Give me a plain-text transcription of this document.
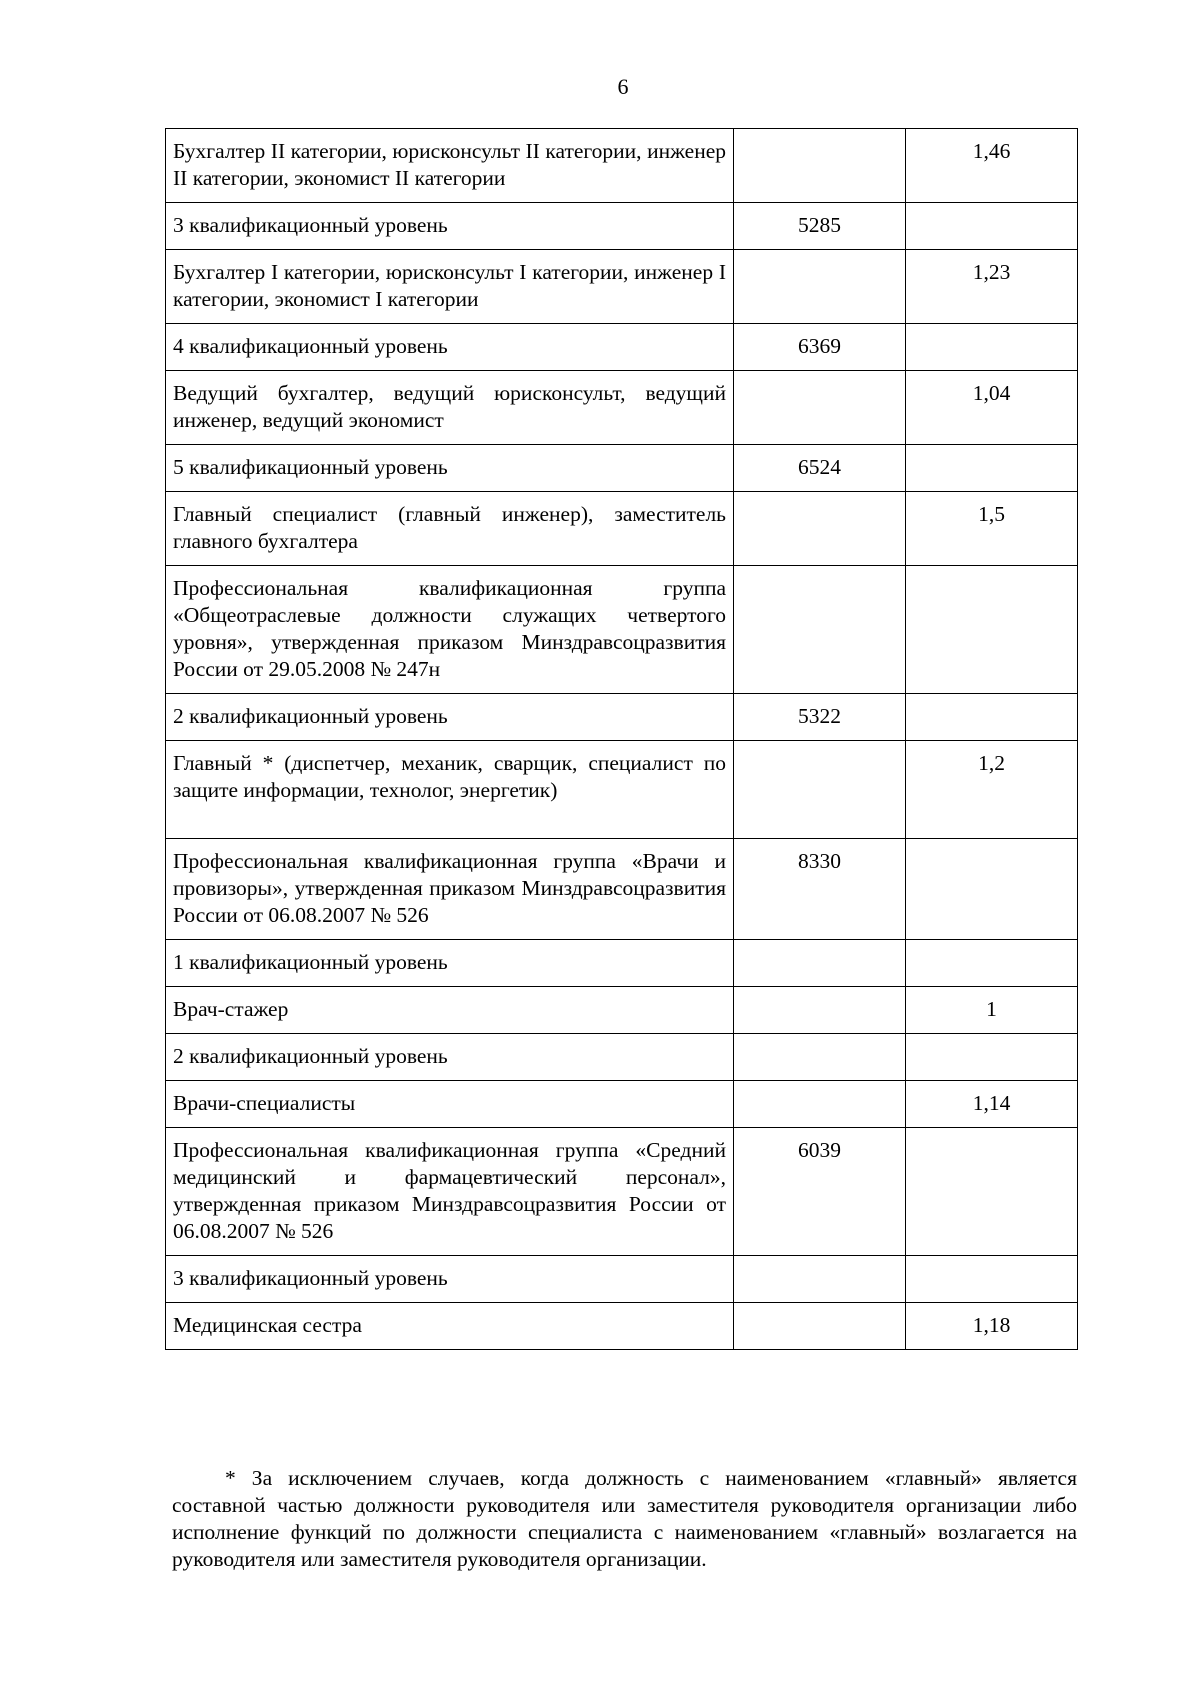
6
Бухгалтер II категории, юрисконсульт II категории, инженер II категории, экономист II категории		1,46
3 квалификационный уровень	5285	
Бухгалтер I категории, юрисконсульт I категории, инженер I категории, экономист I категории		1,23
4 квалификационный уровень	6369	
Ведущий бухгалтер, ведущий юрисконсульт, ведущий инженер, ведущий экономист		1,04
5 квалификационный уровень	6524	
Главный специалист (главный инженер), заместитель главного бухгалтера		1,5
Профессиональная квалификационная группа «Общеотраслевые должности служащих четвертого уровня», утвержденная приказом Минздравсоцразвития России от 29.05.2008 № 247н		
2 квалификационный уровень	5322	
Главный * (диспетчер, механик, сварщик, специалист по защите информации, технолог, энергетик)		1,2
Профессиональная квалификационная группа «Врачи и провизоры», утвержденная приказом Минздравсоцразвития России от 06.08.2007 № 526	8330	
1 квалификационный уровень		
Врач-стажер		1
2 квалификационный уровень		
Врачи-специалисты		1,14
Профессиональная квалификационная группа «Средний медицинский и фармацевтический персонал», утвержденная приказом Минздравсоцразвития России от 06.08.2007 № 526	6039	
3 квалификационный уровень		
Медицинская сестра		1,18

* За исключением случаев, когда должность с наименованием «главный» является составной частью должности руководителя или заместителя руководителя организации либо исполнение функций по должности специалиста с наименованием «главный» возлагается на руководителя или заместителя руководителя организации.
